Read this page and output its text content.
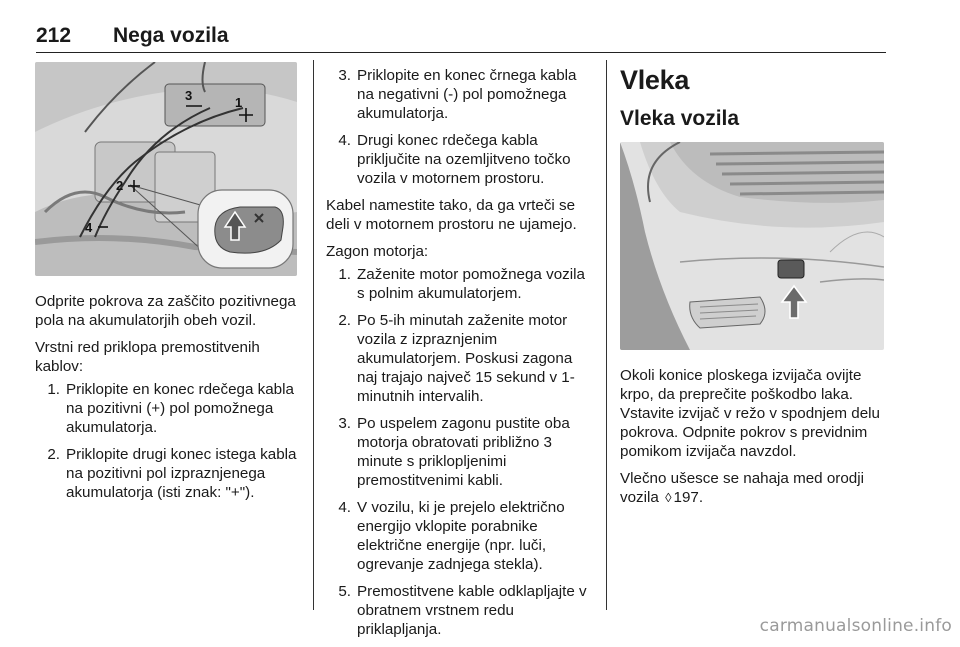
212 Nega vozila
3	1
2
4

Odprite pokrova za zaščito pozitivnega pola na akumulatorjih obeh vozil.

Vrstni red priklopa premostitvenih kablov:

1. Priklopite en konec rdečega kabla na pozitivni (+) pol pomožnega akumulatorja.
2. Priklopite drugi konec istega kabla na pozitivni pol izpraznjenega akumulatorja (isti znak: "+").
3. Priklopite en konec črnega kabla na negativni (-) pol pomožnega akumulatorja.
4. Drugi konec rdečega kabla priključite na ozemljitveno točko vozila v motornem prostoru.

Kabel namestite tako, da ga vrteči se deli v motornem prostoru ne ujamejo.

Zagon motorja:

1. Zaženite motor pomožnega vozila s polnim akumulatorjem.
2. Po 5-ih minutah zaženite motor vozila z izpraznjenim akumulatorjem. Poskusi zagona naj trajajo največ 15 sekund v 1-minutnih intervalih.
3. Po uspelem zagonu pustite oba motorja obratovati približno 3 minute s priklopljenimi premostitvenimi kabli.
4. V vozilu, ki je prejelo električno energijo vklopite porabnike električne energije (npr. luči, ogrevanje zadnjega stekla).
5. Premostitvene kable odklapljajte v obratnem vrstnem redu priklapljanja.
Vleka
Vleka vozila

Okoli konice ploskega izvijača ovijte krpo, da preprečite poškodbo laka. Vstavite izvijač v režo v spodnjem delu pokrova. Odpnite pokrov s previdnim pomikom izvijača navzdol.

Vlečno ušesce se nahaja med orodji vozila ◊ 197.

carmanualsonline.info
